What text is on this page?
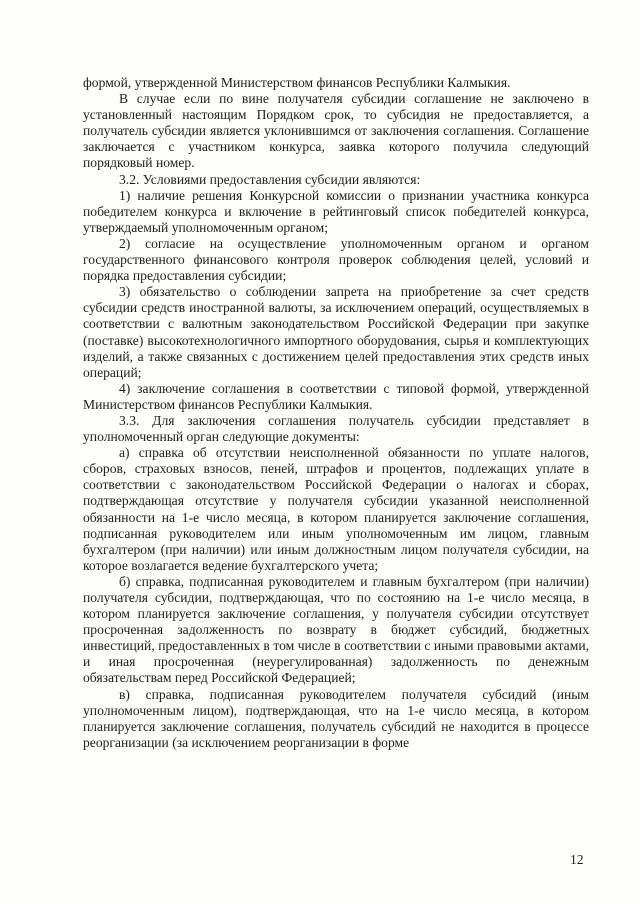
формой, утвержденной Министерством финансов Республики Калмыкия.

В случае если по вине получателя субсидии соглашение не заключено в установленный настоящим Порядком срок, то субсидия не предоставляется, а получатель субсидии является уклонившимся от заключения соглашения. Соглашение заключается с участником конкурса, заявка которого получила следующий порядковый номер.

3.2. Условиями предоставления субсидии являются:

1) наличие решения Конкурсной комиссии о признании участника конкурса победителем конкурса и включение в рейтинговый список победителей конкурса, утверждаемый уполномоченным органом;

2) согласие на осуществление уполномоченным органом и органом государственного финансового контроля проверок соблюдения целей, условий и порядка предоставления субсидии;

3) обязательство о соблюдении запрета на приобретение за счет средств субсидии средств иностранной валюты, за исключением операций, осуществляемых в соответствии с валютным законодательством Российской Федерации при закупке (поставке) высокотехнологичного импортного оборудования, сырья и комплектующих изделий, а также связанных с достижением целей предоставления этих средств иных операций;

4) заключение соглашения в соответствии с типовой формой, утвержденной Министерством финансов Республики Калмыкия.

3.3. Для заключения соглашения получатель субсидии представляет в уполномоченный орган следующие документы:

а) справка об отсутствии неисполненной обязанности по уплате налогов, сборов, страховых взносов, пеней, штрафов и процентов, подлежащих уплате в соответствии с законодательством Российской Федерации о налогах и сборах, подтверждающая отсутствие у получателя субсидии указанной неисполненной обязанности на 1-е число месяца, в котором планируется заключение соглашения, подписанная руководителем или иным уполномоченным им лицом, главным бухгалтером (при наличии) или иным должностным лицом получателя субсидии, на которое возлагается ведение бухгалтерского учета;

б) справка, подписанная руководителем и главным бухгалтером (при наличии) получателя субсидии, подтверждающая, что по состоянию на 1-е число месяца, в котором планируется заключение соглашения, у получателя субсидии отсутствует просроченная задолженность по возврату в бюджет субсидий, бюджетных инвестиций, предоставленных в том числе в соответствии с иными правовыми актами, и иная просроченная (неурегулированная) задолженность по денежным обязательствам перед Российской Федерацией;

в) справка, подписанная руководителем получателя субсидий (иным уполномоченным лицом), подтверждающая, что на 1-е число месяца, в котором планируется заключение соглашения, получатель субсидий не находится в процессе реорганизации (за исключением реорганизации в форме

12
